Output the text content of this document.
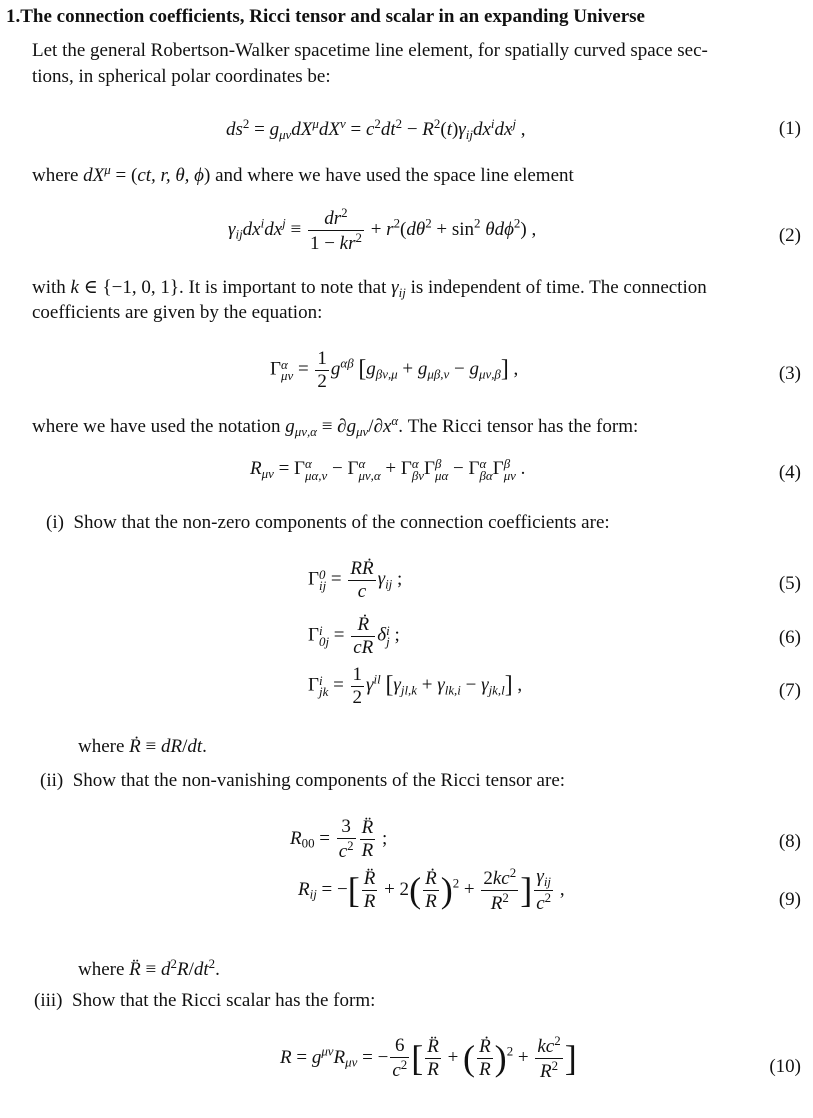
1.The connection coefficients, Ricci tensor and scalar in an expanding Universe
Let the general Robertson-Walker spacetime line element, for spatially curved space sec-
tions, in spherical polar coordinates be:
$ds^2 = g_{\mu\nu}dX^\mu dX^\nu = c^2dt^2 - R^2(t)\gamma_{ij}dx^idx^j$ ,	(1)
where $dX^\mu = (ct$, r, θ, ϕ) and where we have used the space line element
$\gamma_{ij}dx^idx^j \equiv \frac{dr^2}{1 - kr^2} + r^2(d\theta^2 + \sin^2 \theta d\phi^2)$ ,	(2)
with k ∈ {−1, 0, 1}. It is important to note that $\gamma_{ij}$ is independent of time. The connection
coefficients are given by the equation:
Γ α
$\mu\nu = \frac{1}{2} g^{\alpha\beta}$ $[g_{\beta\nu,\mu} + g_{\mu\beta,\nu} - g_{\mu\nu,\beta}]$ ,	(3)
where we have used the notation $g_{\mu\nu,\alpha} \equiv \partial g_{\mu\nu}/\partial x^\alpha$. The Ricci tensor has the form:
$R_{\mu\nu} = \Gamma$ α
μα,ν − Γ α
μν,α + Γ α
βν Γ β
μα − Γ α
βα Γ β
μν .	(4)
(i) Show that the non-zero components of the connection coefficients are:
Γ 0
ij = $\frac{\text{RṘ}}{c} \gamma_{ij}$ ;	(5)
Γ i
$0j = \frac{\text{Ṙ}}{cR}$ δ i
j ;	(6)
Γ i
jk = $\frac{1}{2} \gamma^{il}$ $[\gamma_{jl,k} + \gamma_{lk,i} - \gamma_{jk,l}]$ ,	(7)
where Ṙ ≡ dR/dt.
(ii) Show that the non-vanishing components of the Ricci tensor are:
$R_{00} = \frac{3}{c^2} \frac{R̈}{R}$ ;	(8)
$R_{ij}$ = −[ $\frac{R̈}{R} + 2( \frac{\text{Ṙ}}{R} )^2 + \frac{2kc^2}{R^2}$ ] $\frac{\gamma_{ij}}{c^2}$ ,	(9)
where R̈ ≡ $d^2R/dt^2$.
(iii) Show that the Ricci scalar has the form:
$R = g^{\mu\nu}R_{\mu\nu}$ = − $\frac{6}{c^2}$ [ $\frac{R̈}{R}$ + ( $\frac{\text{Ṙ}}{R} )^2 + \frac{kc^2}{R^2}$ ]	(10)
